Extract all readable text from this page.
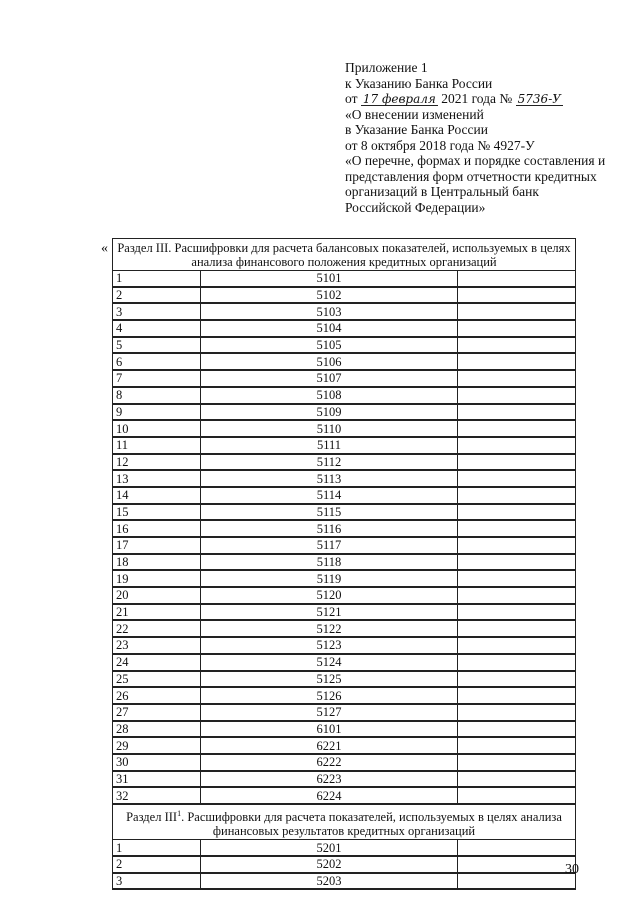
Приложение 1
к Указанию Банка России
от 17 февраля 2021 года № 5736-У
«О внесении изменений
в Указание Банка России
от 8 октября 2018 года № 4927-У
«О перечне, формах и порядке составления и
представления форм отчетности кредитных
организаций в Центральный банк
Российской Федерации»
« Раздел III. Расшифровки для расчета балансовых показателей, используемых в целях анализа финансового положения кредитных организаций		
1	5101	
2	5102	
3	5103	
4	5104	
5	5105	
6	5106	
7	5107	
8	5108	
9	5109	
10	5110	
11	5111	
12	5112	
13	5113	
14	5114	
15	5115	
16	5116	
17	5117	
18	5118	
19	5119	
20	5120	
21	5121	
22	5122	
23	5123	
24	5124	
25	5125	
26	5126	
27	5127	
28	6101	
29	6221	
30	6222	
31	6223	
32	6224	
Раздел III$^1$. Расшифровки для расчета показателей, используемых в целях анализа финансовых результатов кредитных организаций		
1	5201	
2	5202	
3	5203	
30
